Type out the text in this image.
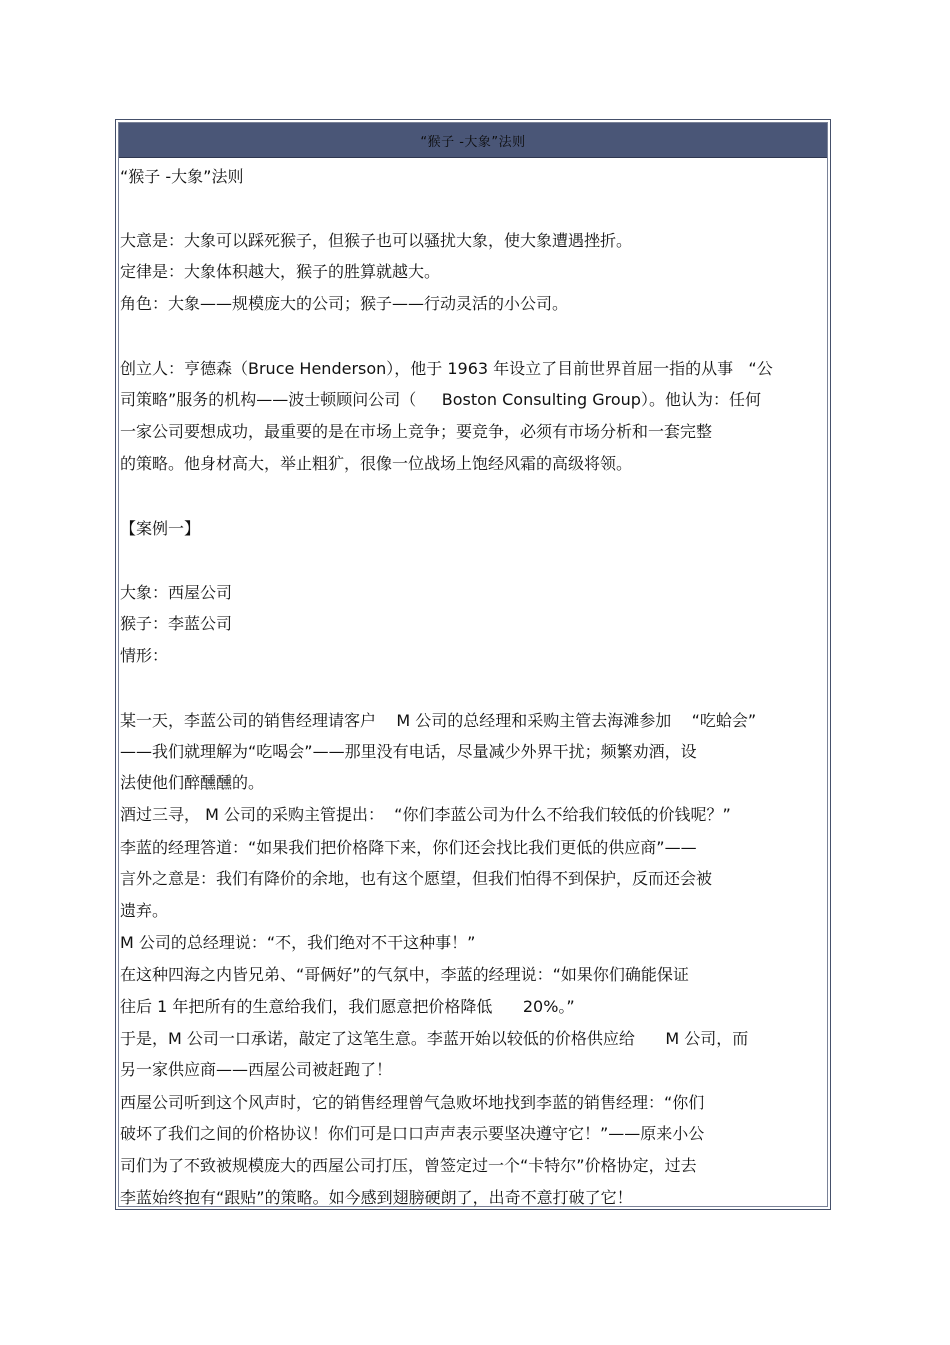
“猴子 -大象”法则
“猴子 -大象”法则
大意是：大象可以踩死猴子，但猴子也可以骚扰大象，使大象遭遇挫折。
定律是：大象体积越大，猴子的胜算就越大。
角色：大象——规模庞大的公司；猴子——行动灵活的小公司。
创立人：亨德森（Bruce Henderson），他于 1963 年设立了目前世界首屈一指的从事   “公
司策略”服务的机构——波士顿顾问公司（     Boston Consulting Group）。他认为：任何
一家公司要想成功，最重要的是在市场上竞争；要竞争，必须有市场分析和一套完整
的策略。他身材高大，举止粗犷，很像一位战场上饱经风霜的高级将领。
【案例一】
大象：西屋公司
猴子：李蓝公司
情形：
某一天，李蓝公司的销售经理请客户    M 公司的总经理和采购主管去海滩参加    “吃蛤会”
——我们就理解为“吃喝会”——那里没有电话，尽量减少外界干扰；频繁劝酒，设
法使他们醉醺醺的。
酒过三寻， M 公司的采购主管提出：  “你们李蓝公司为什么不给我们较低的价钱呢？”
李蓝的经理答道：“如果我们把价格降下来，你们还会找比我们更低的供应商”——
言外之意是：我们有降价的余地，也有这个愿望，但我们怕得不到保护，反而还会被
遗弃。
M 公司的总经理说：“不，我们绝对不干这种事！”
在这种四海之内皆兄弟、“哥俩好”的气氛中，李蓝的经理说：“如果你们确能保证
往后 1 年把所有的生意给我们，我们愿意把价格降低      20%。”
于是，M 公司一口承诺，敲定了这笔生意。李蓝开始以较低的价格供应给      M 公司，而
另一家供应商——西屋公司被赶跑了！
西屋公司听到这个风声时，它的销售经理曾气急败坏地找到李蓝的销售经理：“你们
破坏了我们之间的价格协议！你们可是口口声声表示要坚决遵守它！”——原来小公
司们为了不致被规模庞大的西屋公司打压，曾签定过一个“卡特尔”价格协定，过去
李蓝始终抱有“跟贴”的策略。如今感到翅膀硬朗了，出奇不意打破了它！
